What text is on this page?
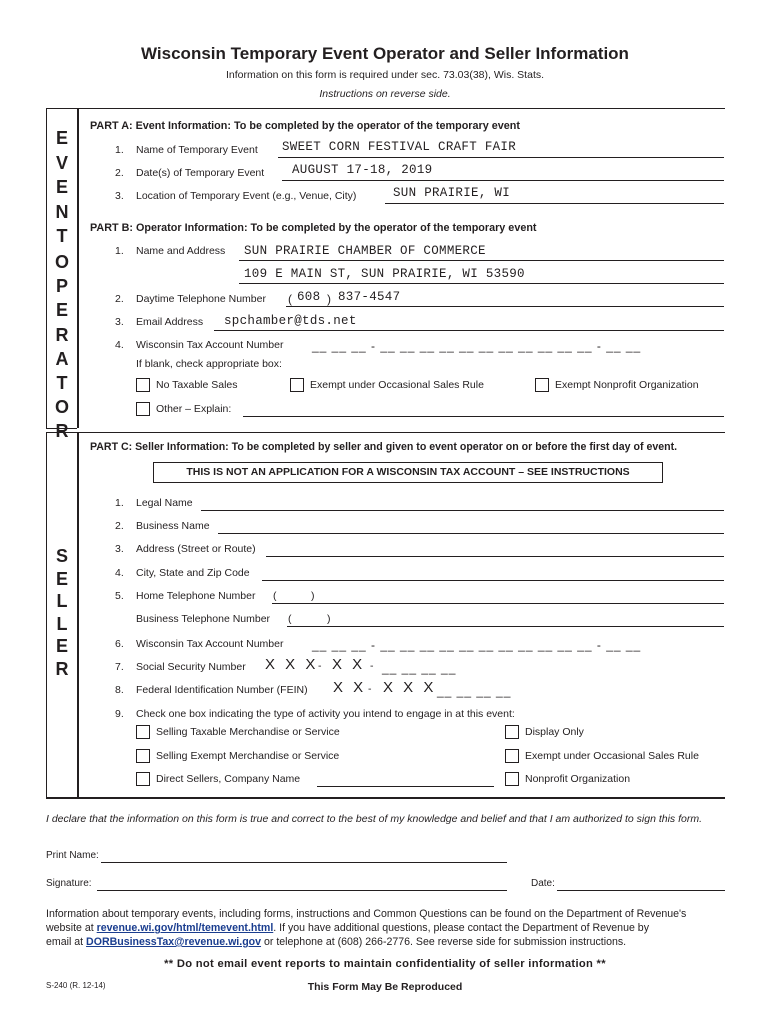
Wisconsin Temporary Event Operator and Seller Information
Information on this form is required under sec. 73.03(38), Wis. Stats.
Instructions on reverse side.
E
V
E
N
T
O
P
E
R
A
T
O
R
S
E
L
L
E
R
PART A: Event Information: To be completed by the operator of the temporary event
1. Name of Temporary Event SWEET CORN FESTIVAL CRAFT FAIR
2. Date(s) of Temporary Event AUGUST 17-18, 2019
3. Location of Temporary Event (e.g., Venue, City)	SUN PRAIRIE, WI
PART B: Operator Information: To be completed by the operator of the temporary event
1. Name and Address SUN PRAIRIE CHAMBER OF COMMERCE
109 E MAIN ST, SUN PRAIRIE, WI 53590
2. Daytime Telephone Number ( 608 ) 837-4547
3. Email Address spchamber@tds.net
4. Wisconsin Tax Account Number __ __ __ - __ __ __ __ __ __ __ __ __ __ __ - __ __
If blank, check appropriate box:
No Taxable Sales	Exempt under Occasional Sales Rule	Exempt Nonprofit Organization
Other – Explain:
PART C: Seller Information: To be completed by seller and given to event operator on or before the first day of event.
THIS IS NOT AN APPLICATION FOR A WISCONSIN TAX ACCOUNT – SEE INSTRUCTIONS
1. Legal Name
2. Business Name
3. Address (Street or Route)
4. City, State and Zip Code
5. Home Telephone Number (	)
Business Telephone Number (	)
6. Wisconsin Tax Account Number __ __ __ - __ __ __ __ __ __ __ __ __ __ __ - __ __
7. Social Security Number X X X - X X - __ __ __ __
8. Federal Identification Number (FEIN) X X - X X X __ __ __ __
9. Check one box indicating the type of activity you intend to engage in at this event:
Selling Taxable Merchandise or Service	Display Only
Selling Exempt Merchandise or Service	Exempt under Occasional Sales Rule
Direct Sellers, Company Name	Nonprofit Organization
I declare that the information on this form is true and correct to the best of my knowledge and belief and that I am authorized to sign this form.
Print Name:
Signature:	Date:
Information about temporary events, including forms, instructions and Common Questions can be found on the Department of Revenue's
website at revenue.wi.gov/html/temevent.html. If you have additional questions, please contact the Department of Revenue by
email at DORBusinessTax@revenue.wi.gov or telephone at (608) 266-2776. See reverse side for submission instructions.
** Do not email event reports to maintain confidentiality of seller information **
S-240 (R. 12-14)	This Form May Be Reproduced
